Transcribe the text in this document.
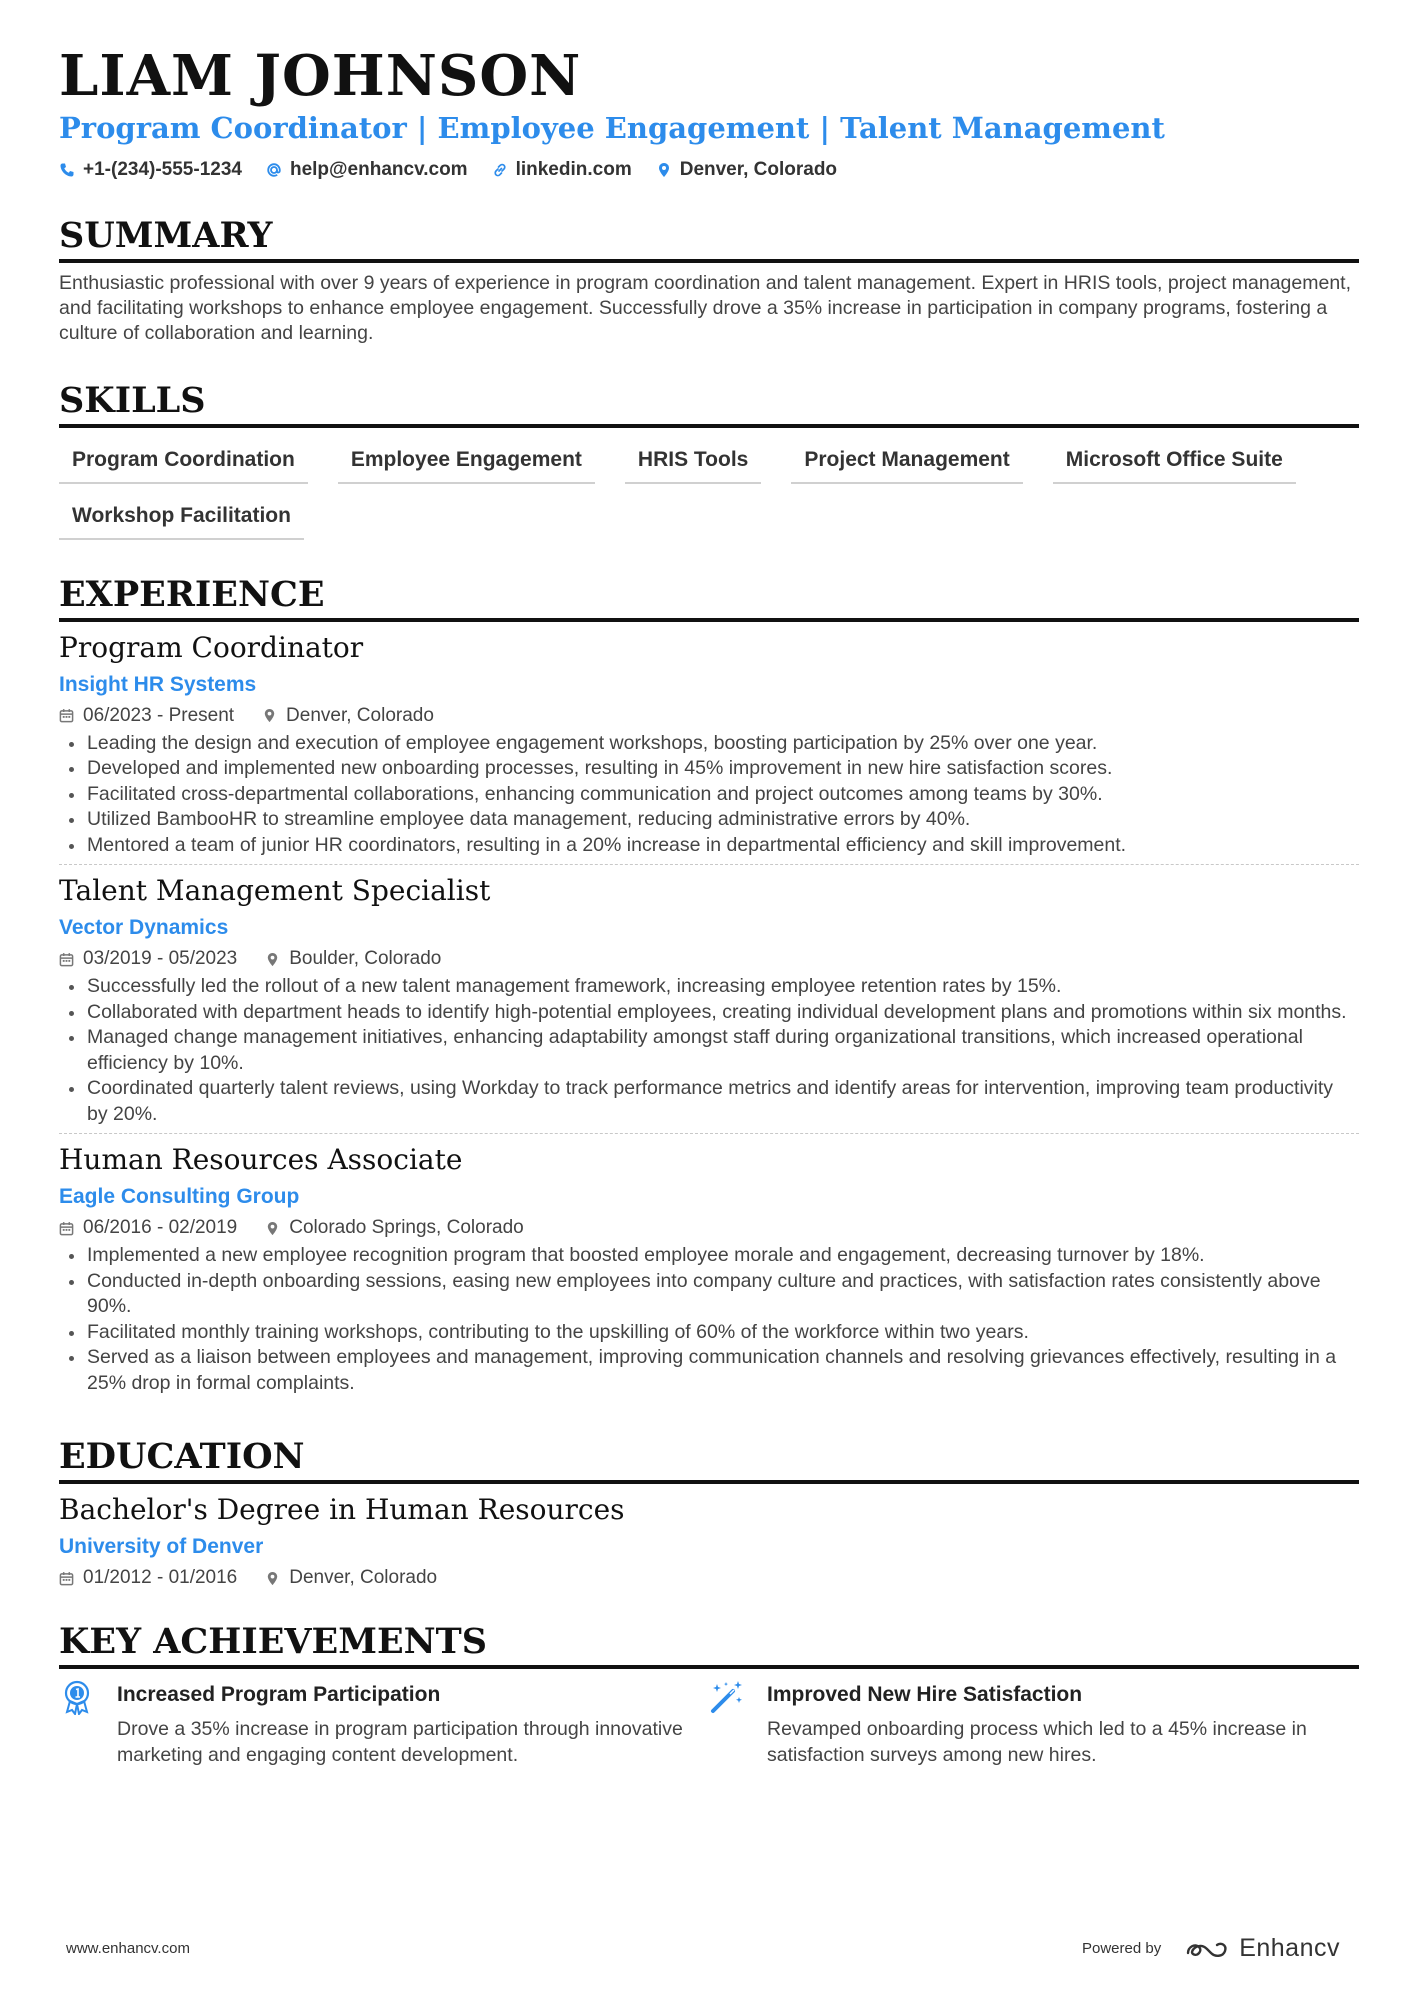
LIAM JOHNSON
Program Coordinator | Employee Engagement | Talent Management
+1-(234)-555-1234	help@enhancv.com	linkedin.com	Denver, Colorado
SUMMARY

Enthusiastic professional with over 9 years of experience in program coordination and talent management. Expert in HRIS tools, project management, and facilitating workshops to enhance employee engagement. Successfully drove a 35% increase in participation in company programs, fostering a culture of collaboration and learning.

SKILLS
Program Coordination	Employee Engagement	HRIS Tools	Project Management	Microsoft Office Suite
Workshop Facilitation
EXPERIENCE
Program Coordinator
Insight HR Systems
06/2023 - Present	Denver, Colorado
Leading the design and execution of employee engagement workshops, boosting participation by 25% over one year.
Developed and implemented new onboarding processes, resulting in 45% improvement in new hire satisfaction scores.
Facilitated cross-departmental collaborations, enhancing communication and project outcomes among teams by 30%.
Utilized BambooHR to streamline employee data management, reducing administrative errors by 40%.
Mentored a team of junior HR coordinators, resulting in a 20% increase in departmental efficiency and skill improvement.
Talent Management Specialist
Vector Dynamics
03/2019 - 05/2023	Boulder, Colorado
Successfully led the rollout of a new talent management framework, increasing employee retention rates by 15%.
Collaborated with department heads to identify high-potential employees, creating individual development plans and promotions within six months.
Managed change management initiatives, enhancing adaptability amongst staff during organizational transitions, which increased operational efficiency by 10%.
Coordinated quarterly talent reviews, using Workday to track performance metrics and identify areas for intervention, improving team productivity by 20%.
Human Resources Associate
Eagle Consulting Group
06/2016 - 02/2019	Colorado Springs, Colorado
Implemented a new employee recognition program that boosted employee morale and engagement, decreasing turnover by 18%.
Conducted in-depth onboarding sessions, easing new employees into company culture and practices, with satisfaction rates consistently above 90%.
Facilitated monthly training workshops, contributing to the upskilling of 60% of the workforce within two years.
Served as a liaison between employees and management, improving communication channels and resolving grievances effectively, resulting in a 25% drop in formal complaints.
EDUCATION
Bachelor's Degree in Human Resources
University of Denver
01/2012 - 01/2016	Denver, Colorado
KEY ACHIEVEMENTS
Increased Program Participation
Drove a 35% increase in program participation through innovative marketing and engaging content development.
Improved New Hire Satisfaction
Revamped onboarding process which led to a 45% increase in satisfaction surveys among new hires.
www.enhancv.com	Powered by	Enhancv
